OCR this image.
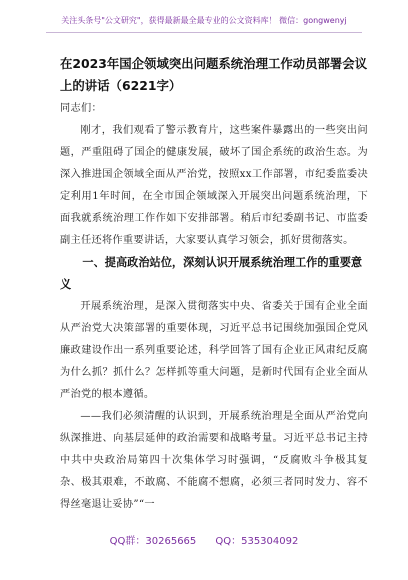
关注头条号"公文研究"，获得最新最全最专业的公文资料库！ 微信：gongwenyj
在2023年国企领域突出问题系统治理工作动员部署会议上的讲话（6221字）

同志们：

刚才，我们观看了警示教育片，这些案件暴露出的一些突出问题，严重阻碍了国企的健康发展，破坏了国企系统的政治生态。为深入推进国企领域全面从严治党，按照xx工作部署，市纪委监委决定利用1年时间，在全市国企领域深入开展突出问题系统治理，下面我就系统治理工作作如下安排部署。稍后市纪委副书记、市监委副主任还将作重要讲话，大家要认真学习领会，抓好贯彻落实。

一、提高政治站位，深刻认识开展系统治理工作的重要意义

开展系统治理，是深入贯彻落实中央、省委关于国有企业全面从严治党大决策部署的重要体现，习近平总书记围绕加强国企党风廉政建设作出一系列重要论述，科学回答了国有企业正风肃纪反腐为什么抓？抓什么？怎样抓等重大问题，是新时代国有企业全面从严治党的根本遵循。

——我们必须清醒的认识到，开展系统治理是全面从严治党向纵深推进、向基层延伸的政治需要和战略考量。习近平总书记主持中共中央政治局第四十次集体学习时强调，“反腐败斗争极其复杂、极其艰难，不敢腐、不能腐不想腐，必须三者同时发力、容不得丝毫退让妥协”“一

QQ群：30265665      QQ：535304092
